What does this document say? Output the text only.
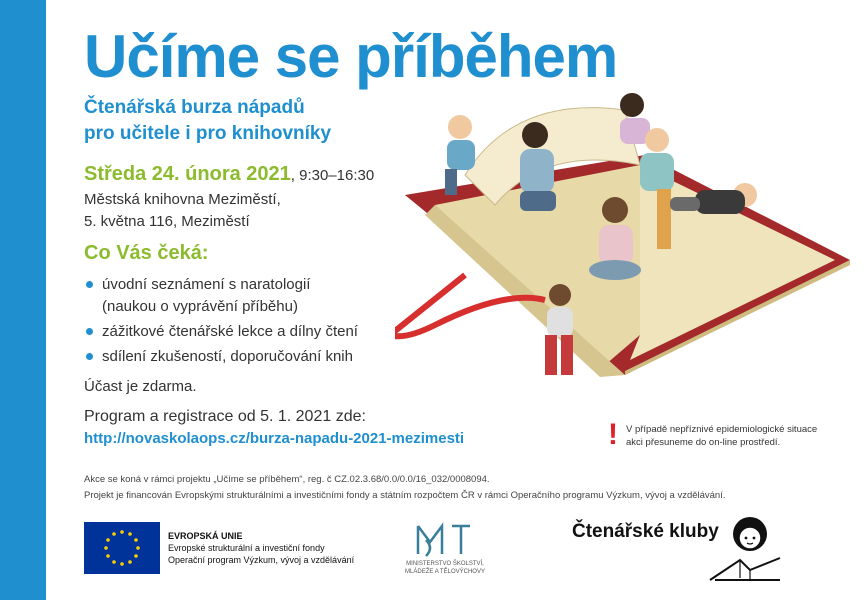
Učíme se příběhem
Čtenářská burza nápadů
pro učitele i pro knihovníky
Středa 24. února 2021, 9:30–16:30
Městská knihovna Meziměstí,
5. května 116, Meziměstí
Co Vás čeká:
úvodní seznámení s naratologií
(naukou o vyprávění příběhu)
zážitkové čtenářské lekce a dílny čtení
sdílení zkušeností, doporučování knih
Účast je zdarma.
Program a registrace od 5. 1. 2021 zde:
http://novaskolaops.cz/burza-napadu-2021-mezimesti	! V případě nepříznivé epidemiologické situace
akci přesuneme do on-line prostředí.
Akce se koná v rámci projektu „Učíme se příběhem“, reg. č CZ.02.3.68/0.0/0.0/16_032/0008094.
Projekt je financován Evropskými strukturálními a investičními fondy a státním rozpočtem ČR v rámci Operačního programu Výzkum, vývoj a vzdělávání.
EVROPSKÁ UNIE
Evropské strukturální a investiční fondy
Operační program Výzkum, vývoj a vzdělávání	MINISTERSTVO ŠKOLSTVÍ,
MLÁDEŽE A TĚLOVÝCHOVY
Čtenářské kluby
